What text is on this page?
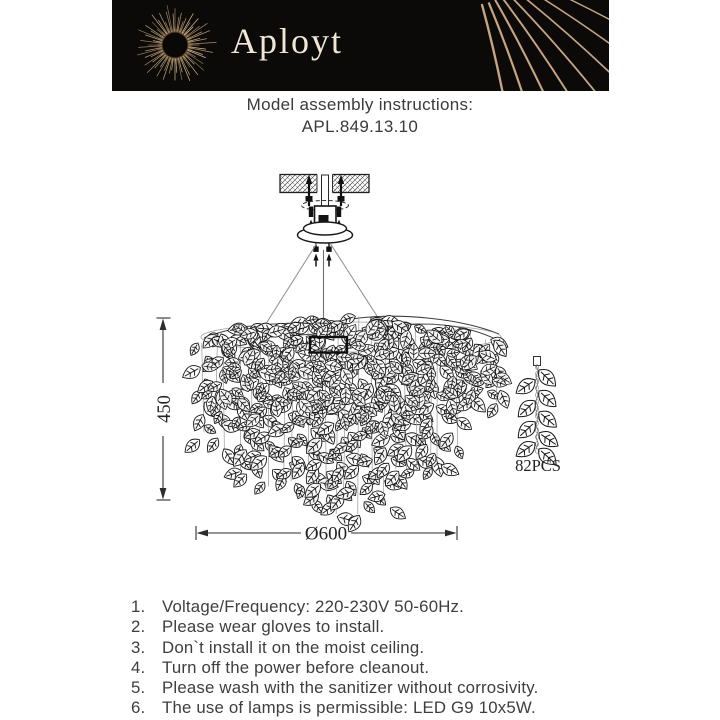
Aployt
Model assembly instructions:
APL.849.13.10
82PCS
450
Ø600
1. Voltage/Frequency: 220-230V 50-60Hz.
2. Please wear gloves to install.
3. Don`t install it on the moist ceiling.
4. Turn off the power before cleanout.
5. Please wash with the sanitizer without corrosivity.
6. The use of lamps is permissible: LED G9 10x5W.
